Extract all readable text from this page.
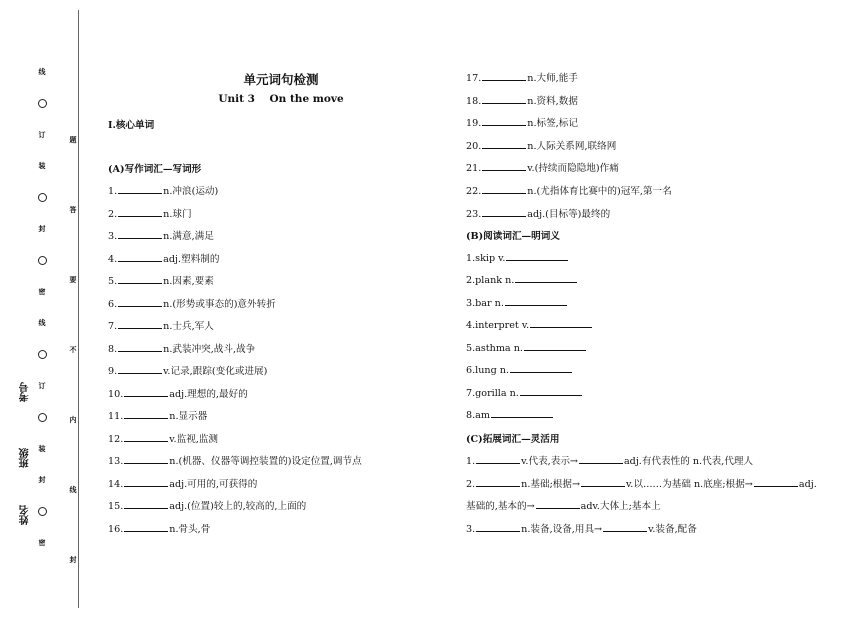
线
订
装
封
密
线
订
装
封
密
题
答
要
不
内
线
封
考号
班级
姓名
单元词句检测
Unit 3    On the move
Ⅰ.核心单词
(A)写作词汇—写词形
1.	n.冲浪(运动)
2.	n.球门
3.	n.满意,满足
4.	adj.塑料制的
5.	n.因素,要素
6.	n.(形势或事态的)意外转折
7.	n.士兵,军人
8.	n.武装冲突,战斗,战争
9.	v.记录,跟踪(变化或进展)
10.	adj.理想的,最好的
11.	n.显示器
12.	v.监视,监测
13.	n.(机器、仪器等调控装置的)设定位置,调节点
14.	adj.可用的,可获得的
15.	adj.(位置)较上的,较高的,上面的
16.	n.骨头,骨
17.	n.大师,能手
18.	n.资料,数据
19.	n.标签,标记
20.	n.人际关系网,联络网
21.	v.(持续而隐隐地)作痛
22.	n.(尤指体育比赛中的)冠军,第一名
23.	adj.(目标等)最终的
(B)阅读词汇—明词义
1.skip v.
2.plank n.
3.bar n.
4.interpret v.
5.asthma n.
6.lung n.
7.gorilla n.
8.am
(C)拓展词汇—灵活用
1.	v.代表,表示→	adj.有代表性的 n.代表,代理人
2.	n.基础;根据→	v.以……为基础 n.底座;根据→	adj.
基础的,基本的→	adv.大体上;基本上
3.	n.装备,设备,用具→	v.装备,配备
